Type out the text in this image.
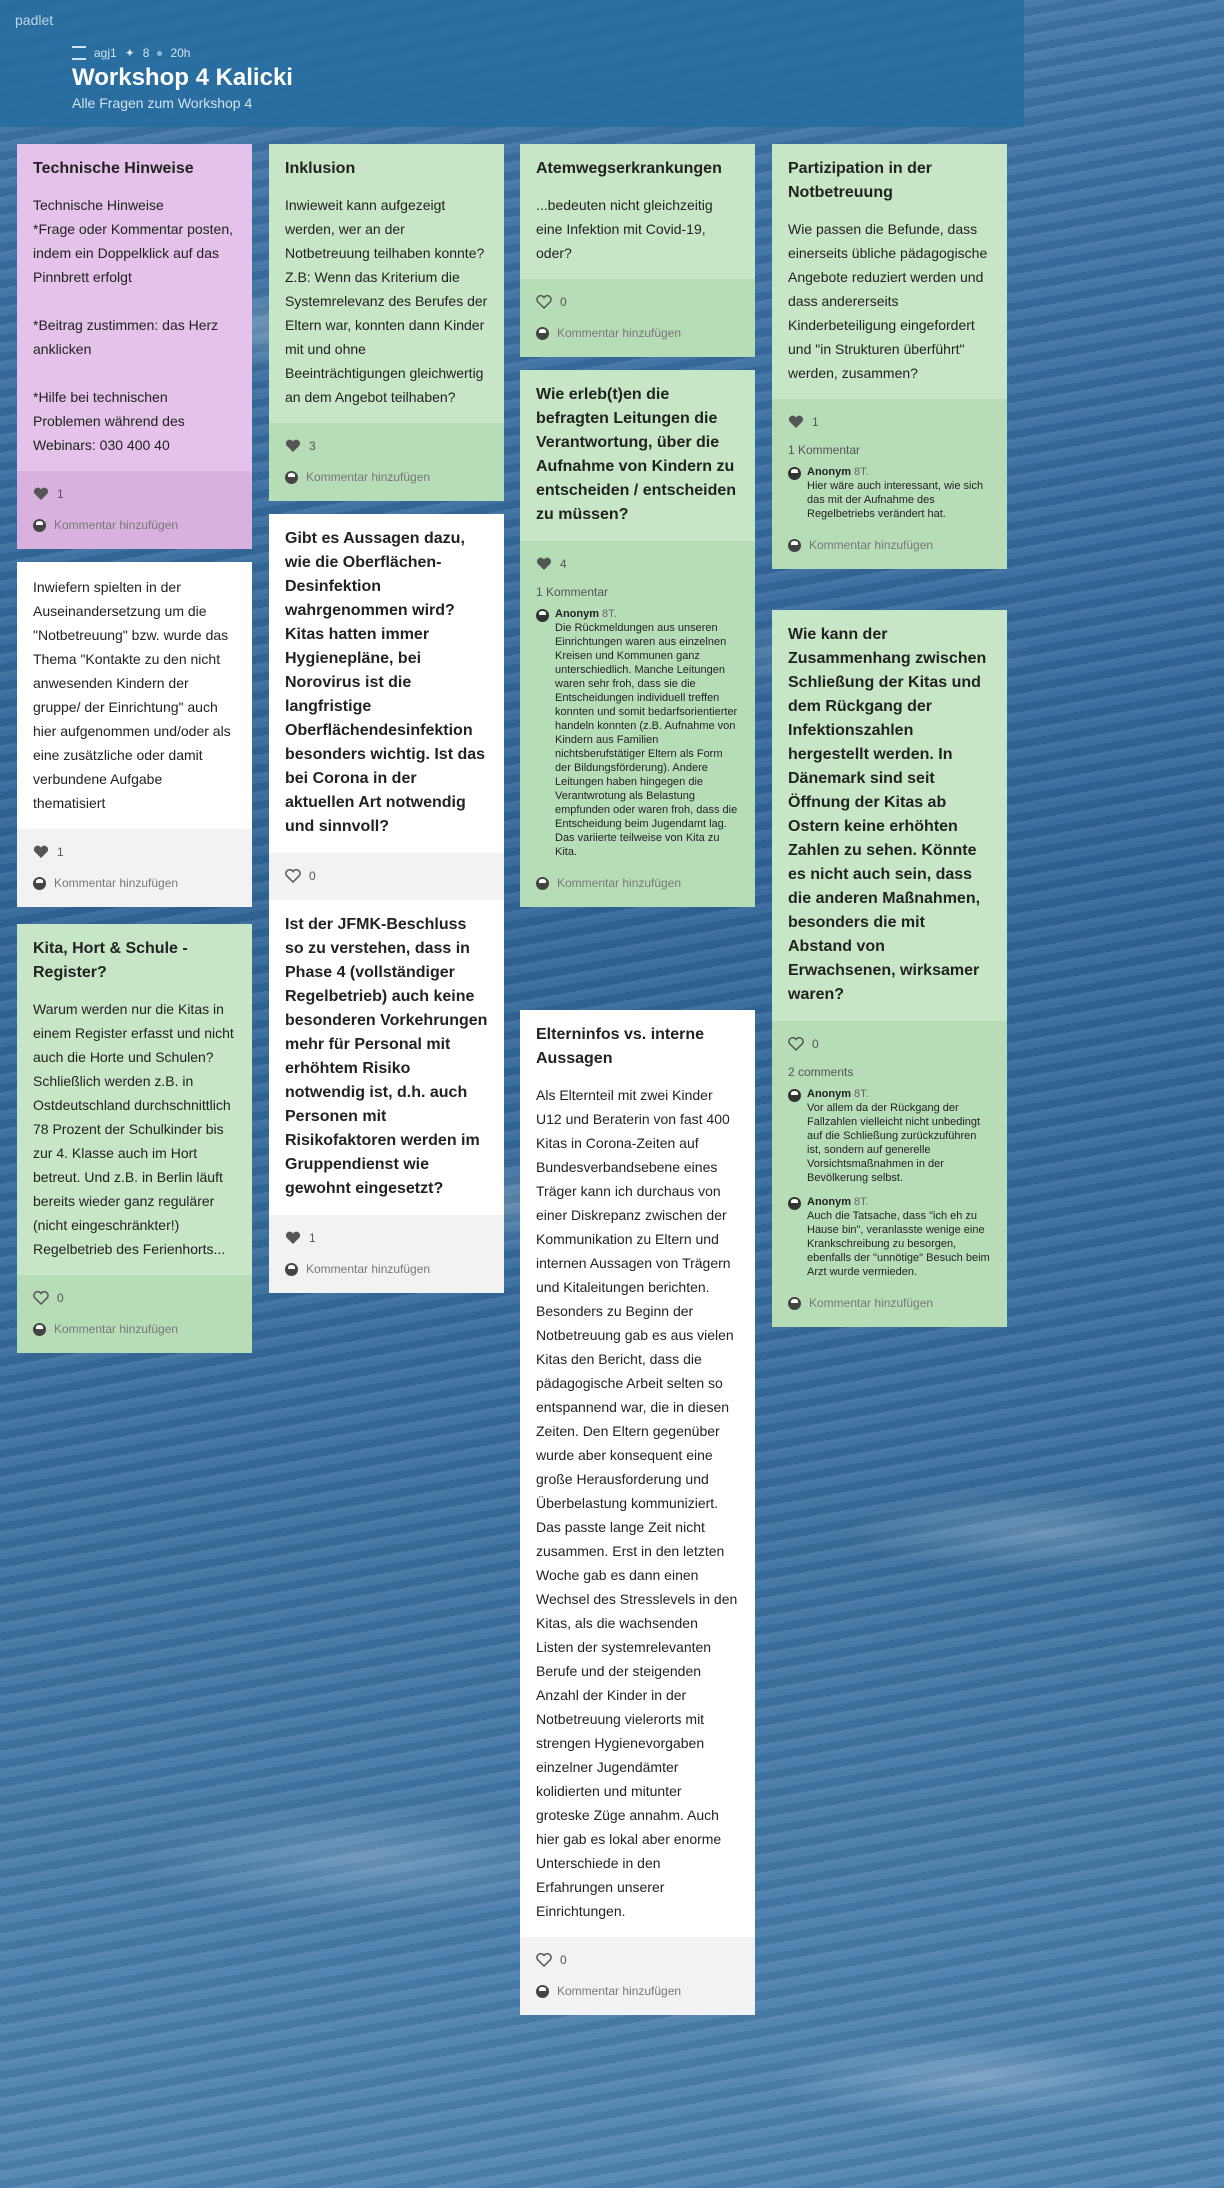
padlet
agj1 ✦ 8 20h
Workshop 4 Kalicki
Alle Fragen zum Workshop 4
Technische Hinweise

Technische Hinweise
*Frage oder Kommentar posten, indem ein Doppelklick auf das Pinnbrett erfolgt

*Beitrag zustimmen: das Herz anklicken

*Hilfe bei technischen Problemen während des Webinars: 030 400 40

1
Kommentar hinzufügen

Inwiefern spielten in der Auseinandersetzung um die "Notbetreuung" bzw. wurde das Thema "Kontakte zu den nicht anwesenden Kindern der gruppe/ der Einrichtung" auch hier aufgenommen und/oder als eine zusätzliche oder damit verbundene Aufgabe thematisiert

1
Kommentar hinzufügen
Kita, Hort & Schule - Register?

Warum werden nur die Kitas in einem Register erfasst und nicht auch die Horte und Schulen? Schließlich werden z.B. in Ostdeutschland durchschnittlich 78 Prozent der Schulkinder bis zur 4. Klasse auch im Hort betreut. Und z.B. in Berlin läuft bereits wieder ganz regulärer (nicht eingeschränkter!) Regelbetrieb des Ferienhorts...

0
Kommentar hinzufügen
Inklusion

Inwieweit kann aufgezeigt werden, wer an der Notbetreuung teilhaben konnte? Z.B: Wenn das Kriterium die Systemrelevanz des Berufes der Eltern war, konnten dann Kinder mit und ohne Beeinträchtigungen gleichwertig an dem Angebot teilhaben?

3
Kommentar hinzufügen
Gibt es Aussagen dazu, wie die Oberflächen-Desinfektion wahrgenommen wird? Kitas hatten immer Hygienepläne, bei Norovirus ist die langfristige Oberflächendesinfektion besonders wichtig. Ist das bei Corona in der aktuellen Art notwendig und sinnvoll?
0
Ist der JFMK-Beschluss so zu verstehen, dass in Phase 4 (vollständiger Regelbetrieb) auch keine besonderen Vorkehrungen mehr für Personal mit erhöhtem Risiko notwendig ist, d.h. auch Personen mit Risikofaktoren werden im Gruppendienst wie gewohnt eingesetzt?
1
Kommentar hinzufügen
Atemwegserkrankungen

...bedeuten nicht gleichzeitig eine Infektion mit Covid-19, oder?

0
Kommentar hinzufügen
Wie erleb(t)en die befragten Leitungen die Verantwortung, über die Aufnahme von Kindern zu entscheiden / entscheiden zu müssen?
4
1 Kommentar
Anonym 8T.
Die Rückmeldungen aus unseren Einrichtungen waren aus einzelnen Kreisen und Kommunen ganz unterschiedlich. Manche Leitungen waren sehr froh, dass sie die Entscheidungen individuell treffen konnten und somit bedarfsorientierter handeln konnten (z.B. Aufnahme von Kindern aus Familien nichtsberufstätiger Eltern als Form der Bildungsförderung). Andere Leitungen haben hingegen die Verantwrotung als Belastung empfunden oder waren froh, dass die Entscheidung beim Jugendamt lag. Das variierte teilweise von Kita zu Kita.
Kommentar hinzufügen
Elterninfos vs. interne Aussagen

Als Elternteil mit zwei Kinder U12 und Beraterin von fast 400 Kitas in Corona-Zeiten auf Bundesverbandsebene eines Träger kann ich durchaus von einer Diskrepanz zwischen der Kommunikation zu Eltern und internen Aussagen von Trägern und Kitaleitungen berichten. Besonders zu Beginn der Notbetreuung gab es aus vielen Kitas den Bericht, dass die pädagogische Arbeit selten so entspannend war, die in diesen Zeiten. Den Eltern gegenüber wurde aber konsequent eine große Herausforderung und Überbelastung kommuniziert. Das passte lange Zeit nicht zusammen. Erst in den letzten Woche gab es dann einen Wechsel des Stresslevels in den Kitas, als die wachsenden Listen der systemrelevanten Berufe und der steigenden Anzahl der Kinder in der Notbetreuung vielerorts mit strengen Hygienevorgaben einzelner Jugendämter kolidierten und mitunter groteske Züge annahm. Auch hier gab es lokal aber enorme Unterschiede in den Erfahrungen unserer Einrichtungen.

0
Kommentar hinzufügen
Partizipation in der Notbetreuung

Wie passen die Befunde, dass einerseits übliche pädagogische Angebote reduziert werden und dass andererseits Kinderbeteiligung eingefordert und "in Strukturen überführt" werden, zusammen?

1
1 Kommentar
Anonym 8T.
Hier wäre auch interessant, wie sich das mit der Aufnahme des Regelbetriebs verändert hat.
Kommentar hinzufügen
Wie kann der Zusammenhang zwischen Schließung der Kitas und dem Rückgang der Infektionszahlen hergestellt werden. In Dänemark sind seit Öffnung der Kitas ab Ostern keine erhöhten Zahlen zu sehen. Könnte es nicht auch sein, dass die anderen Maßnahmen, besonders die mit Abstand von Erwachsenen, wirksamer waren?
0
2 comments
Anonym 8T.
Vor allem da der Rückgang der Fallzahlen vielleicht nicht unbedingt auf die Schließung zurückzuführen ist, sondern auf generelle Vorsichtsmaßnahmen in der Bevölkerung selbst.
Anonym 8T.
Auch die Tatsache, dass "ich eh zu Hause bin", veranlasste wenige eine Krankschreibung zu besorgen, ebenfalls der "unnötige" Besuch beim Arzt wurde vermieden.
Kommentar hinzufügen
